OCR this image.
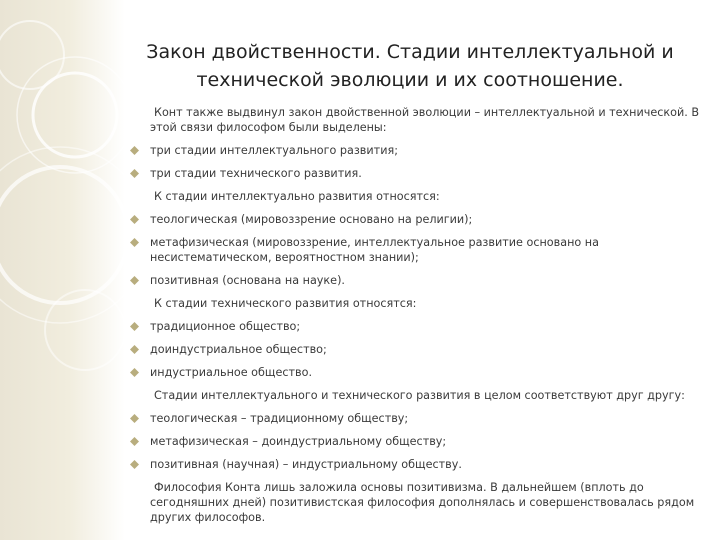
Закон двойственности. Стадии интеллектуальной и
технической эволюции и их соотношение.
Конт также выдвинул закон двойственной эволюции – интеллектуальной и технической. В этой связи философом были выделены:
три стадии интеллектуального развития;
три стадии технического развития.
К стадии интеллектуально развития относятся:
теологическая (мировоззрение основано на религии);
метафизическая (мировоззрение, интеллектуальное развитие основано на несистематическом, вероятностном знании);
позитивная (основана на науке).
К стадии технического развития относятся:
традиционное общество;
доиндустриальное общество;
индустриальное общество.
Стадии интеллектуального и технического развития в целом соответствуют друг другу:
теологическая – традиционному обществу;
метафизическая – доиндустриальному обществу;
позитивная (научная) – индустриальному обществу.
Философия Конта лишь заложила основы позитивизма. В дальнейшем (вплоть до сегодняшних дней) позитивистская философия дополнялась и совершенствовалась рядом других философов.
